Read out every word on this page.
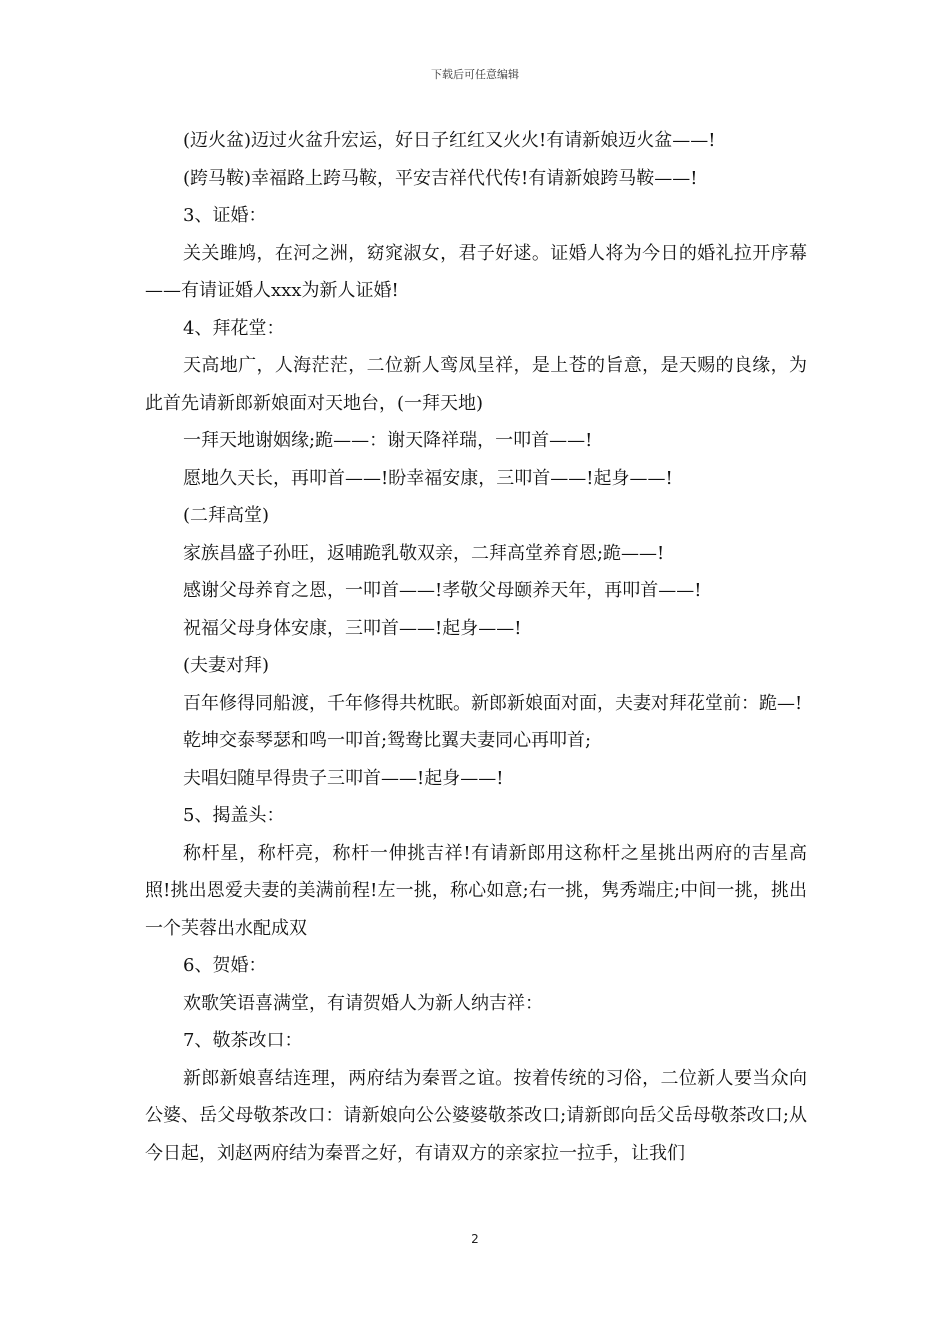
下载后可任意编辑

(迈火盆)迈过火盆升宏运，好日子红红又火火!有请新娘迈火盆——!

(跨马鞍)幸福路上跨马鞍，平安吉祥代代传!有请新娘跨马鞍——!

3、证婚：

关关雎鸠，在河之洲，窈窕淑女，君子好逑。证婚人将为今日的婚礼拉开序幕——有请证婚人xxx为新人证婚!

4、拜花堂：

天高地广，人海茫茫，二位新人鸾凤呈祥，是上苍的旨意，是天赐的良缘，为此首先请新郎新娘面对天地台，(一拜天地)

一拜天地谢姻缘;跪——：谢天降祥瑞，一叩首——!

愿地久天长，再叩首——!盼幸福安康，三叩首——!起身——!

(二拜高堂)

家族昌盛子孙旺，返哺跪乳敬双亲，二拜高堂养育恩;跪——!

感谢父母养育之恩，一叩首——!孝敬父母颐养天年，再叩首——!

祝福父母身体安康，三叩首——!起身——!

(夫妻对拜)

百年修得同船渡，千年修得共枕眠。新郎新娘面对面，夫妻对拜花堂前：跪—!

乾坤交泰琴瑟和鸣一叩首;鸳鸯比翼夫妻同心再叩首;

夫唱妇随早得贵子三叩首——!起身——!

5、揭盖头：

称杆星，称杆亮，称杆一伸挑吉祥!有请新郎用这称杆之星挑出两府的吉星高照!挑出恩爱夫妻的美满前程!左一挑，称心如意;右一挑，隽秀端庄;中间一挑，挑出一个芙蓉出水配成双

6、贺婚：

欢歌笑语喜满堂，有请贺婚人为新人纳吉祥：

7、敬茶改口：

新郎新娘喜结连理，两府结为秦晋之谊。按着传统的习俗，二位新人要当众向公婆、岳父母敬茶改口：请新娘向公公婆婆敬茶改口;请新郎向岳父岳母敬茶改口;从今日起，刘赵两府结为秦晋之好，有请双方的亲家拉一拉手，让我们

2
